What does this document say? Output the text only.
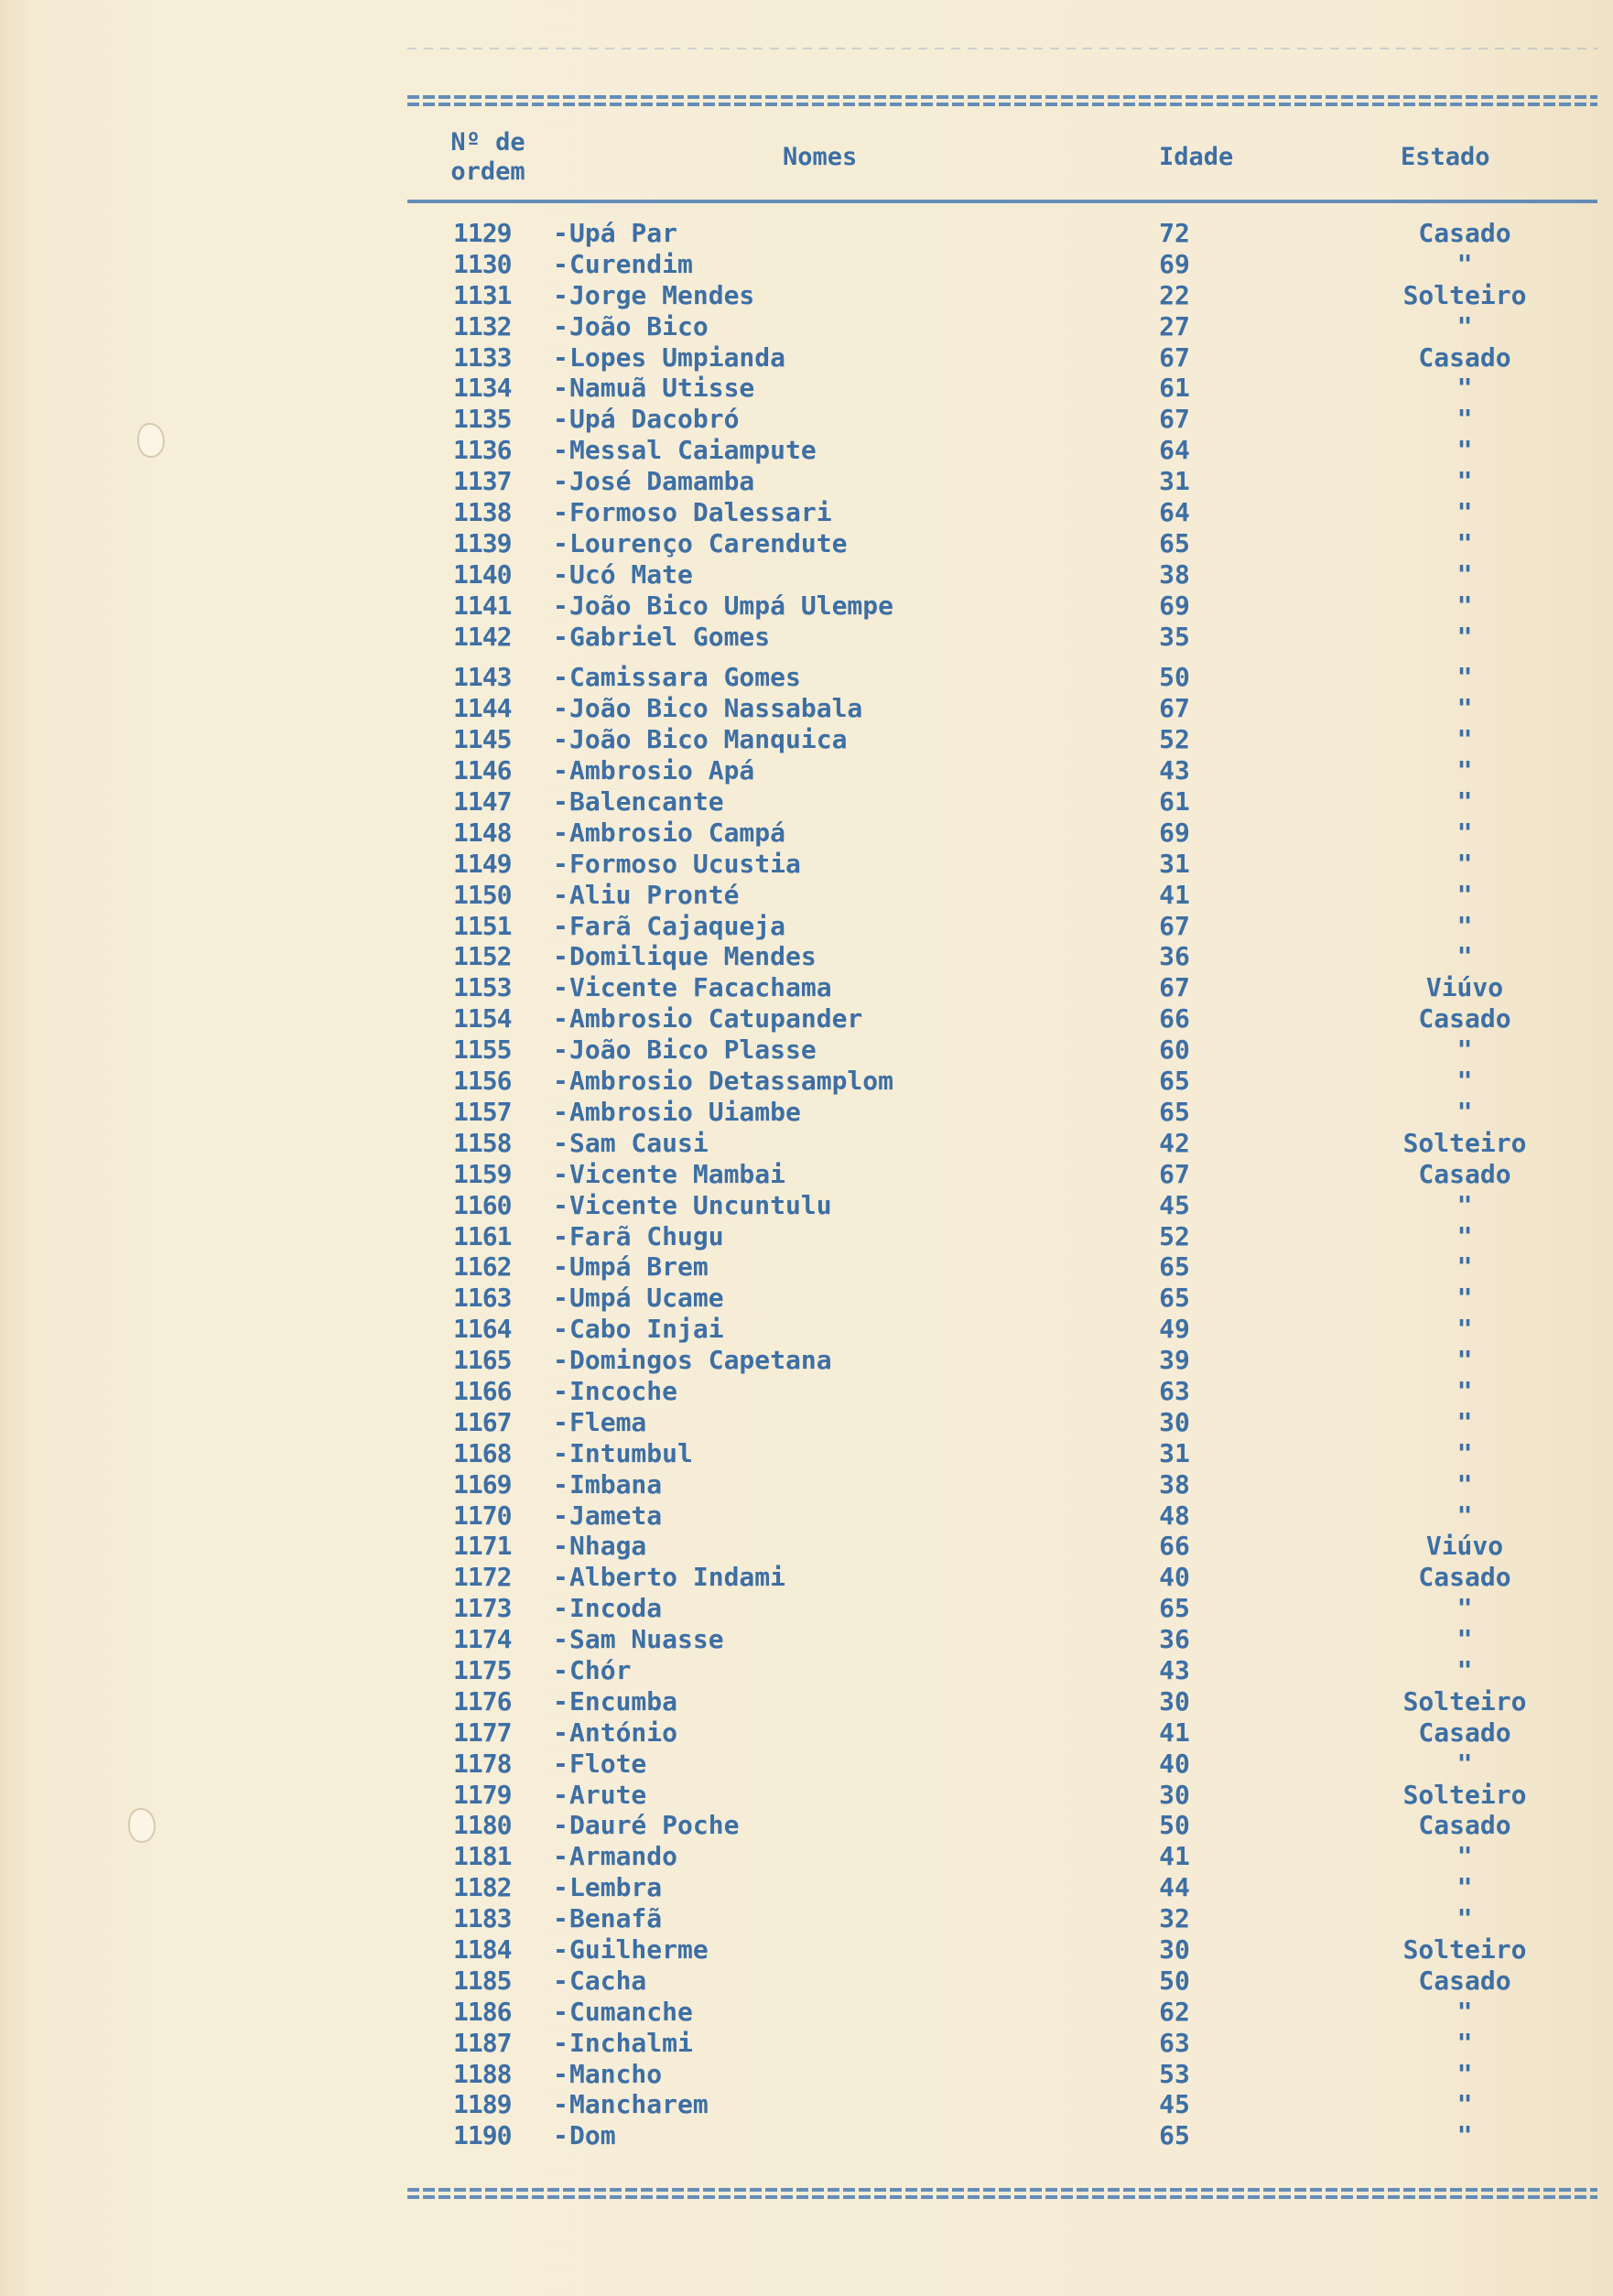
Nº de
ordem
Nomes	Idade	Estado
1129 - Upá Par	72	Casado
1130 - Curendim	69	"
1131 - Jorge Mendes	22	Solteiro
1132 - João Bico	27	"
1133 - Lopes Umpianda	67	Casado
1134 - Namuã Utisse	61	"
1135 - Upá Dacobró	67	"
1136 - Messal Caiampute	64	"
1137 - José Damamba	31	"
1138 - Formoso Dalessari	64	"
1139 - Lourenço Carendute	65	"
1140 - Ucó Mate	38	"
1141 - João Bico Umpá Ulempe	69	"
1142 - Gabriel Gomes	35	"
1143 - Camissara Gomes	50	"
1144 - João Bico Nassabala	67	"
1145 - João Bico Manquica	52	"
1146 - Ambrosio Apá	43	"
1147 - Balencante	61	"
1148 - Ambrosio Campá	69	"
1149 - Formoso Ucustia	31	"
1150 - Aliu Pronté	41	"
1151 - Farã Cajaqueja	67	"
1152 - Domilique Mendes	36	"
1153 - Vicente Facachama	67	Viúvo
1154 - Ambrosio Catupander	66	Casado
1155 - João Bico Plasse	60	"
1156 - Ambrosio Detassamplom	65	"
1157 - Ambrosio Uiambe	65	"
1158 - Sam Causi	42	Solteiro
1159 - Vicente Mambai	67	Casado
1160 - Vicente Uncuntulu	45	"
1161 - Farã Chugu	52	"
1162 - Umpá Brem	65	"
1163 - Umpá Ucame	65	"
1164 - Cabo Injai	49	"
1165 - Domingos Capetana	39	"
1166 - Incoche	63	"
1167 - Flema	30	"
1168 - Intumbul	31	"
1169 - Imbana	38	"
1170 - Jameta	48	"
1171 - Nhaga	66	Viúvo
1172 - Alberto Indami	40	Casado
1173 - Incoda	65	"
1174 - Sam Nuasse	36	"
1175 - Chór	43	"
1176 - Encumba	30	Solteiro
1177 - António	41	Casado
1178 - Flote	40	"
1179 - Arute	30	Solteiro
1180 - Dauré Poche	50	Casado
1181 - Armando	41	"
1182 - Lembra	44	"
1183 - Benafã	32	"
1184 - Guilherme	30	Solteiro
1185 - Cacha	50	Casado
1186 - Cumanche	62	"
1187 - Inchalmi	63	"
1188 - Mancho	53	"
1189 - Mancharem	45	"
1190 - Dom	65	"
